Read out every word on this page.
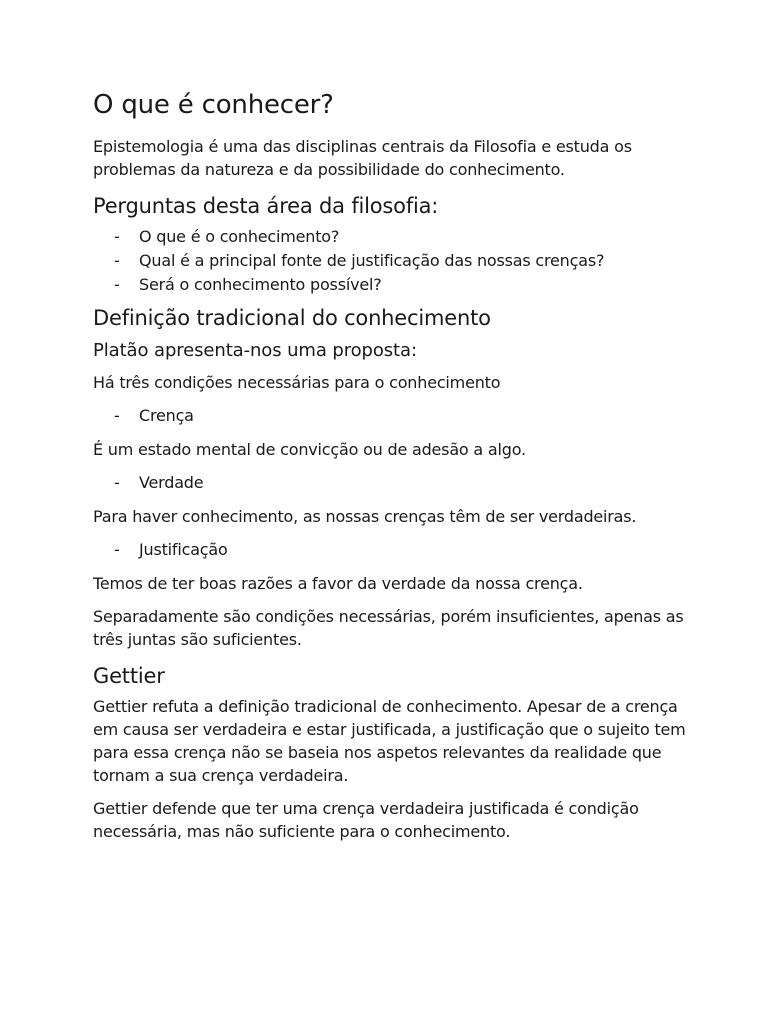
O que é conhecer?

Epistemologia é uma das disciplinas centrais da Filosofia e estuda os problemas da natureza e da possibilidade do conhecimento.

Perguntas desta área da filosofia:
- O que é o conhecimento?
- Qual é a principal fonte de justificação das nossas crenças?
- Será o conhecimento possível?
Definição tradicional do conhecimento
Platão apresenta-nos uma proposta:

Há três condições necessárias para o conhecimento

- Crença

É um estado mental de convicção ou de adesão a algo.

- Verdade

Para haver conhecimento, as nossas crenças têm de ser verdadeiras.

- Justificação

Temos de ter boas razões a favor da verdade da nossa crença.

Separadamente são condições necessárias, porém insuficientes, apenas as três juntas são suficientes.

Gettier

Gettier refuta a definição tradicional de conhecimento. Apesar de a crença em causa ser verdadeira e estar justificada, a justificação que o sujeito tem para essa crença não se baseia nos aspetos relevantes da realidade que tornam a sua crença verdadeira.

Gettier defende que ter uma crença verdadeira justificada é condição necessária, mas não suficiente para o conhecimento.
